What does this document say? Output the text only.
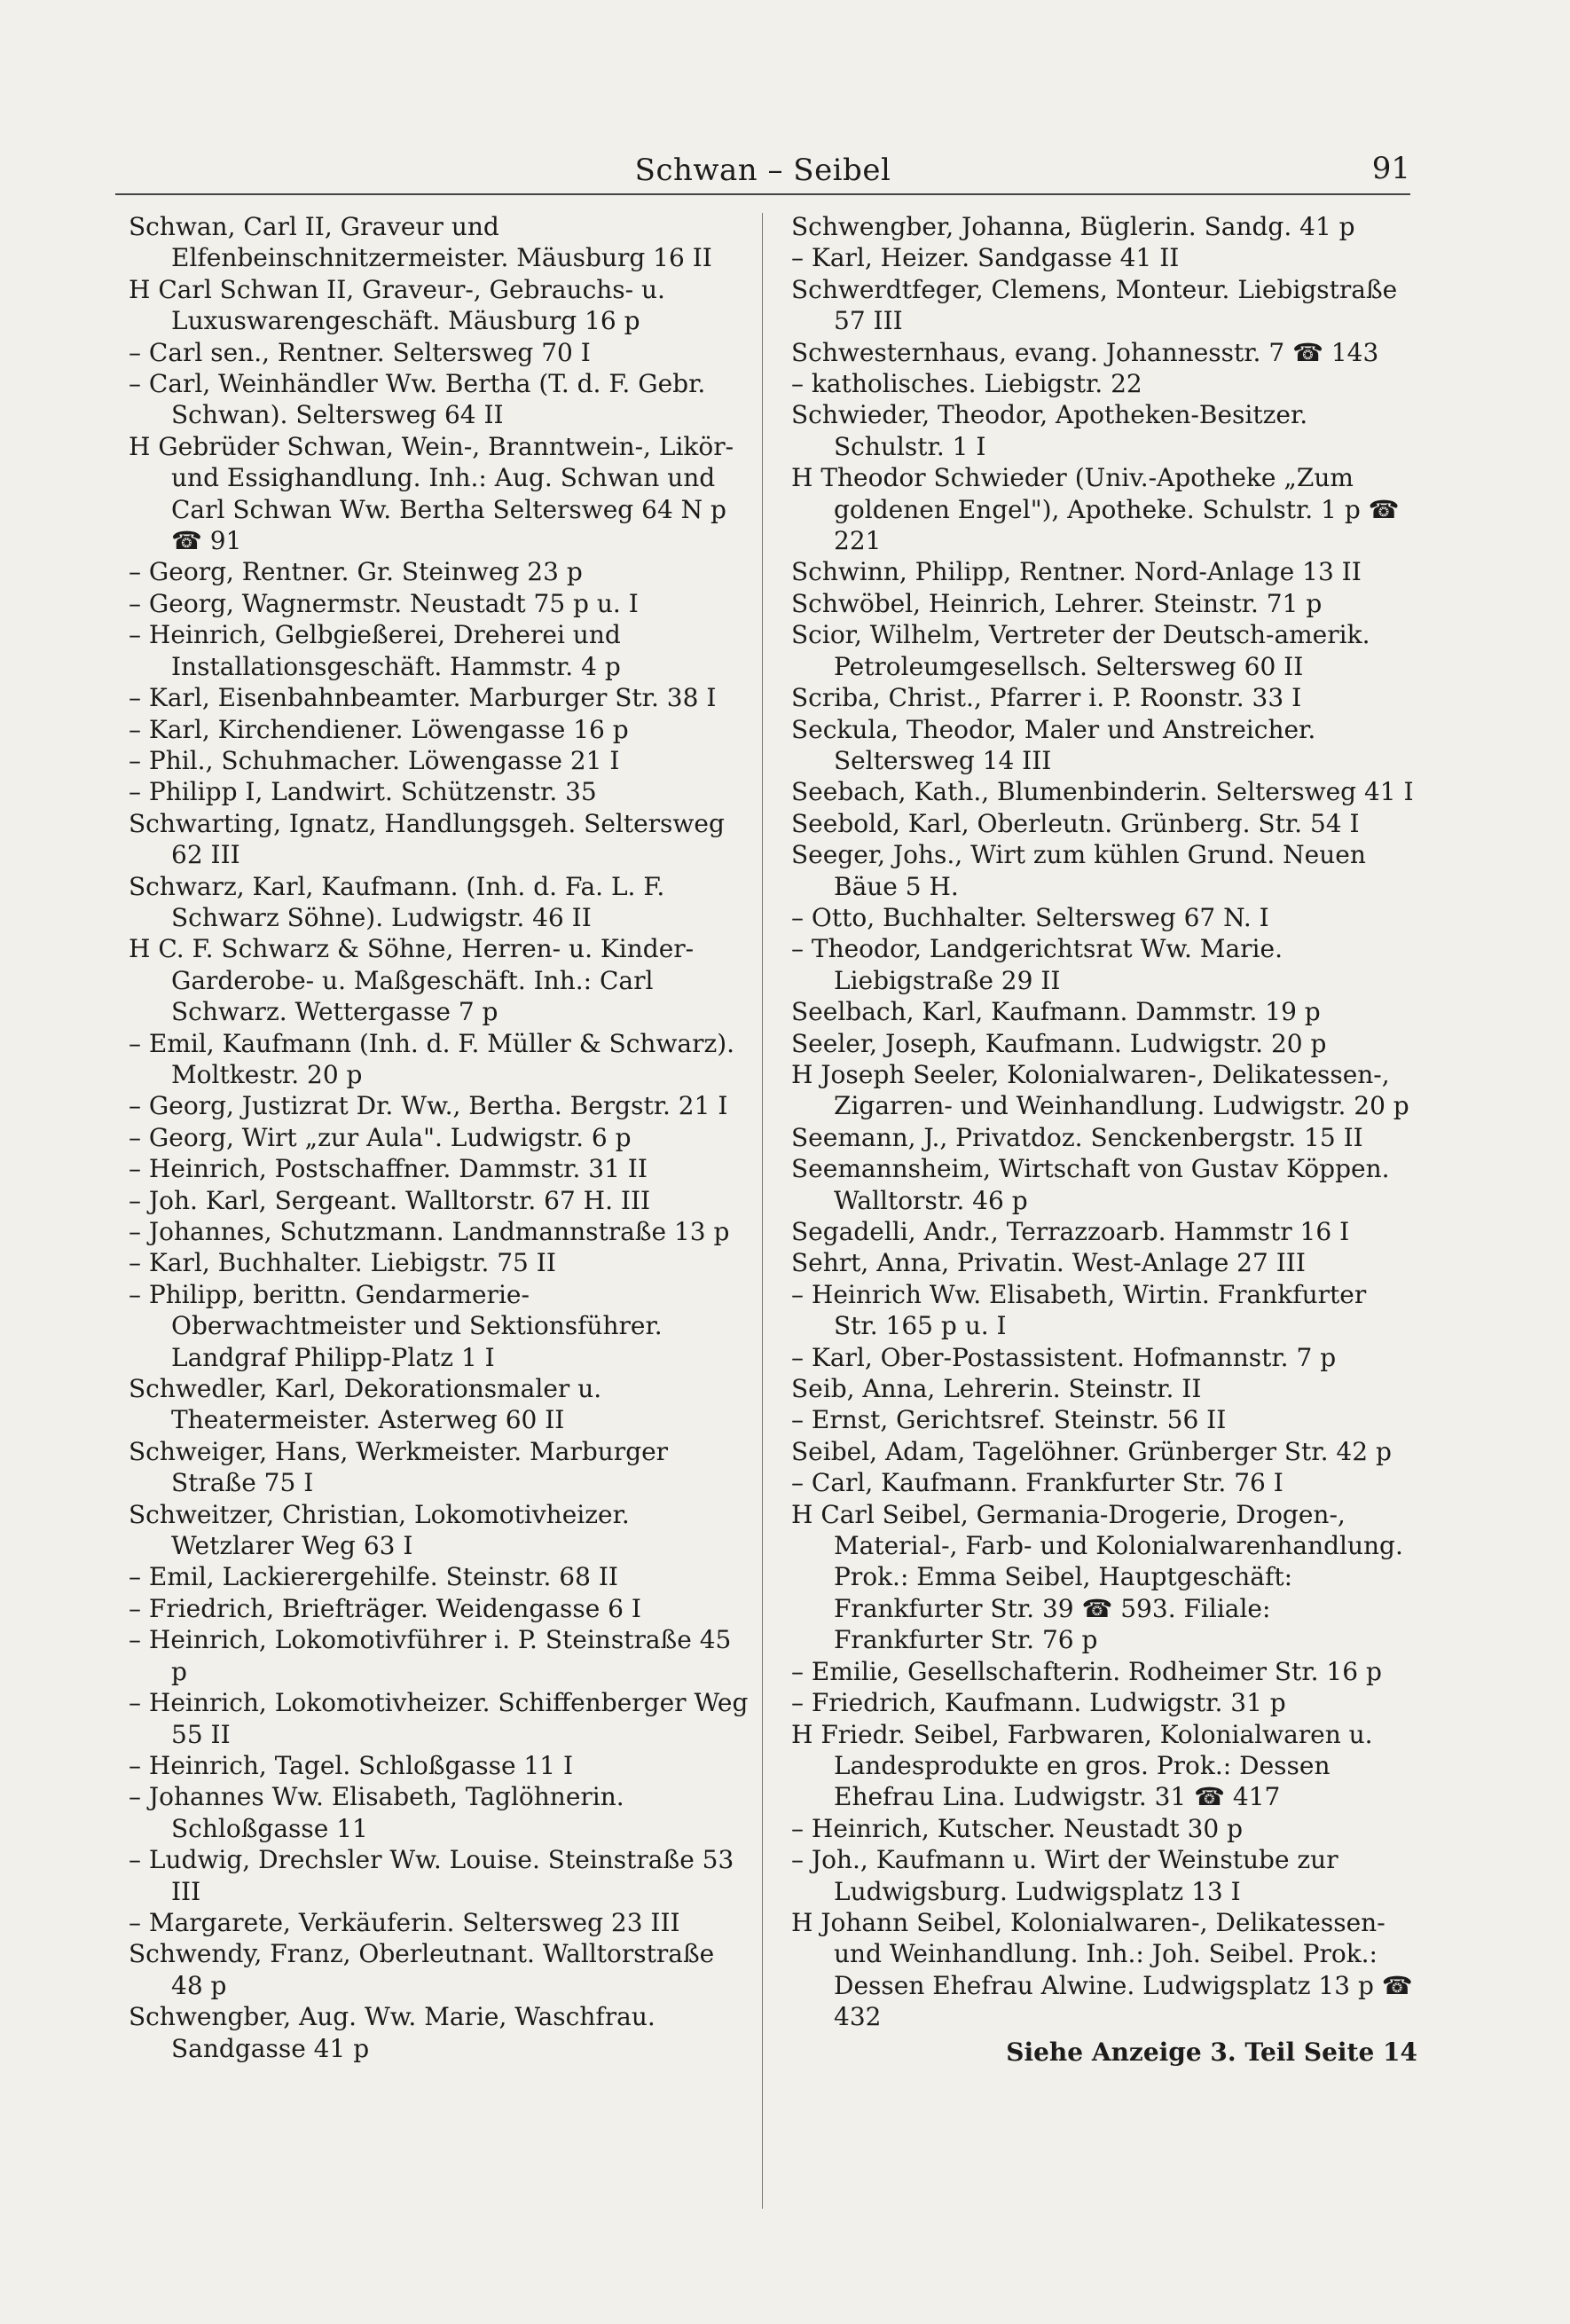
Schwan – Seibel	91

Schwan, Carl II, Graveur und Elfenbeinschnitzermeister. Mäusburg 16 II

H Carl Schwan II, Graveur-, Gebrauchs- u. Luxuswarengeschäft. Mäusburg 16 p

– Carl sen., Rentner. Seltersweg 70 I

– Carl, Weinhändler Ww. Bertha (T. d. F. Gebr. Schwan). Seltersweg 64 II

H Gebrüder Schwan, Wein-, Branntwein-, Likör- und Essighandlung. Inh.: Aug. Schwan und Carl Schwan Ww. Bertha Seltersweg 64 N p ☎ 91

– Georg, Rentner. Gr. Steinweg 23 p

– Georg, Wagnermstr. Neustadt 75 p u. I

– Heinrich, Gelbgießerei, Dreherei und Installationsgeschäft. Hammstr. 4 p

– Karl, Eisenbahnbeamter. Marburger Str. 38 I

– Karl, Kirchendiener. Löwengasse 16 p

– Phil., Schuhmacher. Löwengasse 21 I

– Philipp I, Landwirt. Schützenstr. 35

Schwarting, Ignatz, Handlungsgeh. Seltersweg 62 III

Schwarz, Karl, Kaufmann. (Inh. d. Fa. L. F. Schwarz Söhne). Ludwigstr. 46 II

H C. F. Schwarz & Söhne, Herren- u. Kinder-Garderobe- u. Maßgeschäft. Inh.: Carl Schwarz. Wettergasse 7 p

– Emil, Kaufmann (Inh. d. F. Müller & Schwarz). Moltkestr. 20 p

– Georg, Justizrat Dr. Ww., Bertha. Bergstr. 21 I

– Georg, Wirt „zur Aula". Ludwigstr. 6 p

– Heinrich, Postschaffner. Dammstr. 31 II

– Joh. Karl, Sergeant. Walltorstr. 67 H. III

– Johannes, Schutzmann. Landmannstraße 13 p

– Karl, Buchhalter. Liebigstr. 75 II

– Philipp, berittn. Gendarmerie-Oberwachtmeister und Sektionsführer. Landgraf Philipp-Platz 1 I

Schwedler, Karl, Dekorationsmaler u. Theatermeister. Asterweg 60 II

Schweiger, Hans, Werkmeister. Marburger Straße 75 I

Schweitzer, Christian, Lokomotivheizer. Wetzlarer Weg 63 I

– Emil, Lackierergehilfe. Steinstr. 68 II

– Friedrich, Briefträger. Weidengasse 6 I

– Heinrich, Lokomotivführer i. P. Steinstraße 45 p

– Heinrich, Lokomotivheizer. Schiffenberger Weg 55 II

– Heinrich, Tagel. Schloßgasse 11 I

– Johannes Ww. Elisabeth, Taglöhnerin. Schloßgasse 11

– Ludwig, Drechsler Ww. Louise. Steinstraße 53 III

– Margarete, Verkäuferin. Seltersweg 23 III

Schwendy, Franz, Oberleutnant. Walltorstraße 48 p

Schwengber, Aug. Ww. Marie, Waschfrau. Sandgasse 41 p

Schwengber, Johanna, Büglerin. Sandg. 41 p

– Karl, Heizer. Sandgasse 41 II

Schwerdtfeger, Clemens, Monteur. Liebigstraße 57 III

Schwesternhaus, evang. Johannesstr. 7 ☎ 143

– katholisches. Liebigstr. 22

Schwieder, Theodor, Apotheken-Besitzer. Schulstr. 1 I

H Theodor Schwieder (Univ.-Apotheke „Zum goldenen Engel"), Apotheke. Schulstr. 1 p ☎ 221

Schwinn, Philipp, Rentner. Nord-Anlage 13 II

Schwöbel, Heinrich, Lehrer. Steinstr. 71 p

Scior, Wilhelm, Vertreter der Deutsch-amerik. Petroleumgesellsch. Seltersweg 60 II

Scriba, Christ., Pfarrer i. P. Roonstr. 33 I

Seckula, Theodor, Maler und Anstreicher. Seltersweg 14 III

Seebach, Kath., Blumenbinderin. Seltersweg 41 I

Seebold, Karl, Oberleutn. Grünberg. Str. 54 I

Seeger, Johs., Wirt zum kühlen Grund. Neuen Bäue 5 H.

– Otto, Buchhalter. Seltersweg 67 N. I

– Theodor, Landgerichtsrat Ww. Marie. Liebigstraße 29 II

Seelbach, Karl, Kaufmann. Dammstr. 19 p

Seeler, Joseph, Kaufmann. Ludwigstr. 20 p

H Joseph Seeler, Kolonialwaren-, Delikatessen-, Zigarren- und Weinhandlung. Ludwigstr. 20 p

Seemann, J., Privatdoz. Senckenbergstr. 15 II

Seemannsheim, Wirtschaft von Gustav Köppen. Walltorstr. 46 p

Segadelli, Andr., Terrazzoarb. Hammstr 16 I

Sehrt, Anna, Privatin. West-Anlage 27 III

– Heinrich Ww. Elisabeth, Wirtin. Frankfurter Str. 165 p u. I

– Karl, Ober-Postassistent. Hofmannstr. 7 p

Seib, Anna, Lehrerin. Steinstr. II

– Ernst, Gerichtsref. Steinstr. 56 II

Seibel, Adam, Tagelöhner. Grünberger Str. 42 p

– Carl, Kaufmann. Frankfurter Str. 76 I

H Carl Seibel, Germania-Drogerie, Drogen-, Material-, Farb- und Kolonialwarenhandlung. Prok.: Emma Seibel, Hauptgeschäft: Frankfurter Str. 39 ☎ 593. Filiale: Frankfurter Str. 76 p

– Emilie, Gesellschafterin. Rodheimer Str. 16 p

– Friedrich, Kaufmann. Ludwigstr. 31 p

H Friedr. Seibel, Farbwaren, Kolonialwaren u. Landesprodukte en gros. Prok.: Dessen Ehefrau Lina. Ludwigstr. 31 ☎ 417

– Heinrich, Kutscher. Neustadt 30 p

– Joh., Kaufmann u. Wirt der Weinstube zur Ludwigsburg. Ludwigsplatz 13 I

H Johann Seibel, Kolonialwaren-, Delikatessen- und Weinhandlung. Inh.: Joh. Seibel. Prok.: Dessen Ehefrau Alwine. Ludwigsplatz 13 p ☎ 432

Siehe Anzeige 3. Teil Seite 14
